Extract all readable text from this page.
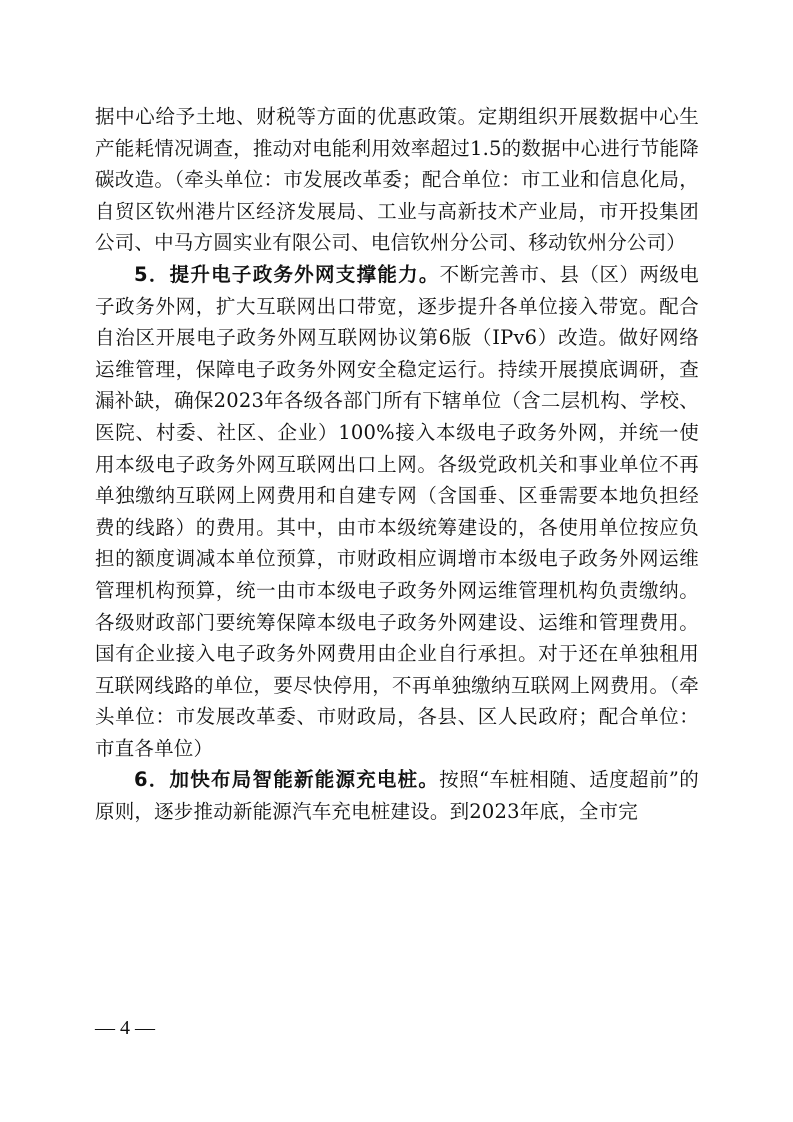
据中心给予土地、财税等方面的优惠政策。定期组织开展数据中心生产能耗情况调查，推动对电能利用效率超过1.5的数据中心进行节能降碳改造。（牵头单位：市发展改革委；配合单位：市工业和信息化局，自贸区钦州港片区经济发展局、工业与高新技术产业局，市开投集团公司、中马方圆实业有限公司、电信钦州分公司、移动钦州分公司）

5．提升电子政务外网支撑能力。不断完善市、县（区）两级电子政务外网，扩大互联网出口带宽，逐步提升各单位接入带宽。配合自治区开展电子政务外网互联网协议第6版（IPv6）改造。做好网络运维管理，保障电子政务外网安全稳定运行。持续开展摸底调研，查漏补缺，确保2023年各级各部门所有下辖单位（含二层机构、学校、医院、村委、社区、企业）100%接入本级电子政务外网，并统一使用本级电子政务外网互联网出口上网。各级党政机关和事业单位不再单独缴纳互联网上网费用和自建专网（含国垂、区垂需要本地负担经费的线路）的费用。其中，由市本级统筹建设的，各使用单位按应负担的额度调减本单位预算，市财政相应调增市本级电子政务外网运维管理机构预算，统一由市本级电子政务外网运维管理机构负责缴纳。各级财政部门要统筹保障本级电子政务外网建设、运维和管理费用。国有企业接入电子政务外网费用由企业自行承担。对于还在单独租用互联网线路的单位，要尽快停用，不再单独缴纳互联网上网费用。（牵头单位：市发展改革委、市财政局，各县、区人民政府；配合单位：市直各单位）

6．加快布局智能新能源充电桩。按照“车桩相随、适度超前”的原则，逐步推动新能源汽车充电桩建设。到2023年底，全市完

— 4 —
